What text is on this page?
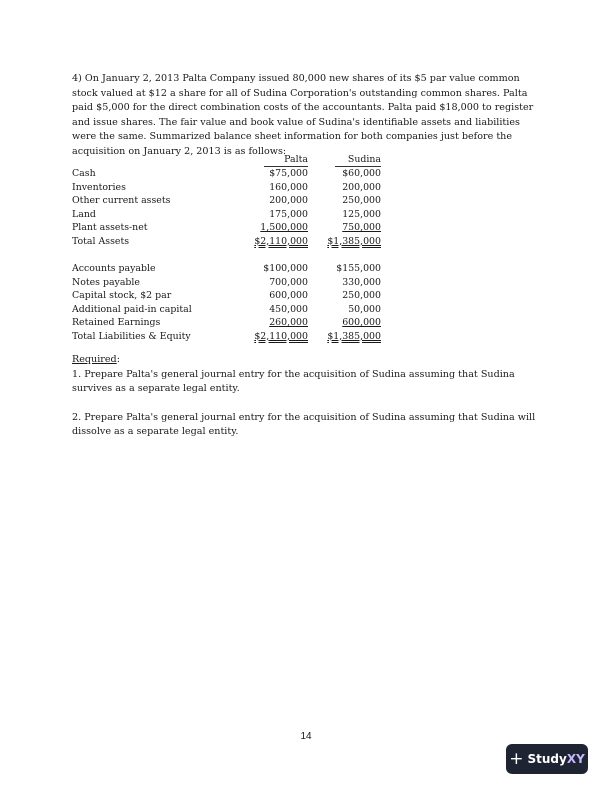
4) On January 2, 2013 Palta Company issued 80,000 new shares of its $5 par value common stock valued at $12 a share for all of Sudina Corporation's outstanding common shares. Palta paid $5,000 for the direct combination costs of the accountants. Palta paid $18,000 to register and issue shares. The fair value and book value of Sudina's identifiable assets and liabilities were the same. Summarized balance sheet information for both companies just before the acquisition on January 2, 2013 is as follows:

	Palta	Sudina
Cash	$75,000	$60,000
Inventories	160,000	200,000
Other current assets	200,000	250,000
Land	175,000	125,000
Plant assets-net	1,500,000	750,000
Total Assets	$2,110,000	$1,385,000
Accounts payable	$100,000	$155,000
Notes payable	700,000	330,000
Capital stock, $2 par	600,000	250,000
Additional paid-in capital	450,000	50,000
Retained Earnings	260,000	600,000
Total Liabilities & Equity	$2,110,000	$1,385,000

Required:

1. Prepare Palta's general journal entry for the acquisition of Sudina assuming that Sudina survives as a separate legal entity.

2. Prepare Palta's general journal entry for the acquisition of Sudina assuming that Sudina will dissolve as a separate legal entity.

14
+ StudyXY
